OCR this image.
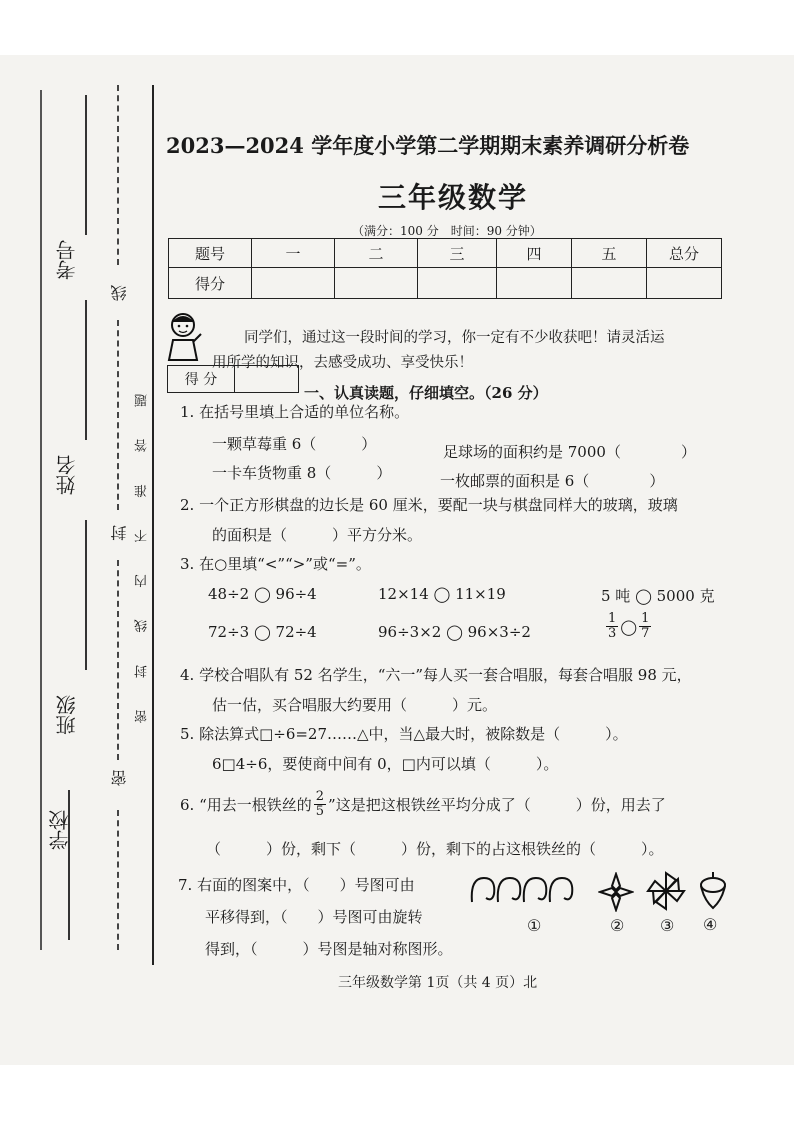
考号
姓名
班级
学校
线
封
密
密 封 线 内 不 准 答 题
2023—2024 学年度小学第二学期期末素养调研分析卷
三年级数学
（满分：100 分　时间：90 分钟）
题号	一	二	三	四	五	总分
得分
同学们，通过这一段时间的学习，你一定有不少收获吧！请灵活运
用所学的知识，去感受成功、享受快乐！
得 分
一、认真读题，仔细填空。（26 分）
1. 在括号里填上合适的单位名称。
一颗草莓重 6（　　　）	足球场的面积约是 7000（　　　　）
一卡车货物重 8（　　　）	一枚邮票的面积是 6（　　　　）
2. 一个正方形棋盘的边长是 60 厘米，要配一块与棋盘同样大的玻璃，玻璃
的面积是（　　　）平方分米。
3. 在○里填“<”“>”或“=”。
48÷2 ◯ 96÷4	12×14 ◯ 11×19	5 吨 ◯ 5000 克
72÷3 ◯ 72÷4	96÷3×2 ◯ 96×3÷2	$\frac{1}{3}$ ◯ $\frac{1}{7}$
4. 学校合唱队有 52 名学生，“六一”每人买一套合唱服，每套合唱服 98 元，
估一估，买合唱服大约要用（　　　）元。
5. 除法算式□÷6=27……△中，当△最大时，被除数是（　　　）。
6□4÷6，要使商中间有 0，□内可以填（　　　）。
6. “用去一根铁丝的 $\frac{2}{5}$ ”这是把这根铁丝平均分成了（　　　）份，用去了
（　　　）份，剩下（　　　）份，剩下的占这根铁丝的（　　　）。
7. 右面的图案中，（　　）号图可由
平移得到，（　　）号图可由旋转
得到，（　　　）号图是轴对称图形。
①	② ③ ④
三年级数学第 1页（共 4 页）北
